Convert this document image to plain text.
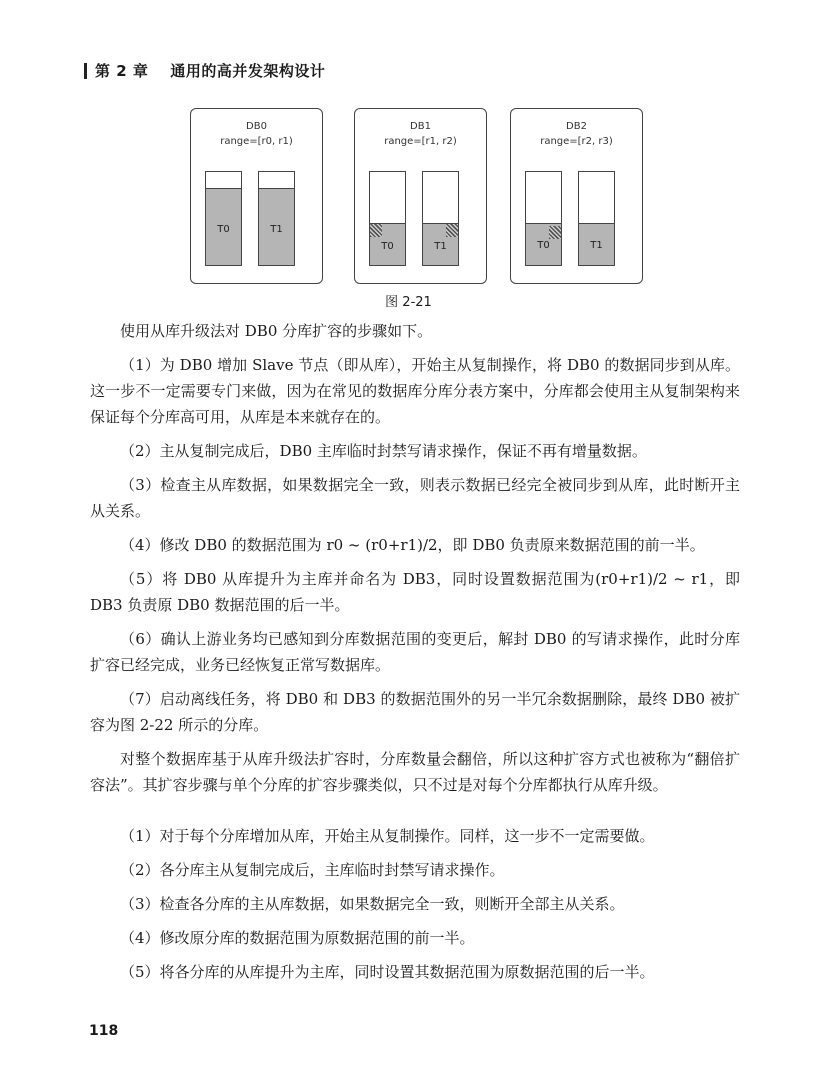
第 2 章 通用的高并发架构设计
DB0
range=[r0, r1)
T0	T1
DB1
range=[r1, r2)
T0	T1
DB2
range=[r2, r3)
T0	T1
图 2-21

使用从库升级法对 DB0 分库扩容的步骤如下。

（1）为 DB0 增加 Slave 节点（即从库），开始主从复制操作，将 DB0 的数据同步到从库。这一步不一定需要专门来做，因为在常见的数据库分库分表方案中，分库都会使用主从复制架构来保证每个分库高可用，从库是本来就存在的。

（2）主从复制完成后，DB0 主库临时封禁写请求操作，保证不再有增量数据。

（3）检查主从库数据，如果数据完全一致，则表示数据已经完全被同步到从库，此时断开主从关系。

（4）修改 DB0 的数据范围为 r0 ~ (r0+r1)/2，即 DB0 负责原来数据范围的前一半。

（5）将 DB0 从库提升为主库并命名为 DB3，同时设置数据范围为(r0+r1)/2 ~ r1，即 DB3 负责原 DB0 数据范围的后一半。

（6）确认上游业务均已感知到分库数据范围的变更后，解封 DB0 的写请求操作，此时分库扩容已经完成，业务已经恢复正常写数据库。

（7）启动离线任务，将 DB0 和 DB3 的数据范围外的另一半冗余数据删除，最终 DB0 被扩容为图 2-22 所示的分库。

对整个数据库基于从库升级法扩容时，分库数量会翻倍，所以这种扩容方式也被称为“翻倍扩容法”。其扩容步骤与单个分库的扩容步骤类似，只不过是对每个分库都执行从库升级。

（1）对于每个分库增加从库，开始主从复制操作。同样，这一步不一定需要做。

（2）各分库主从复制完成后，主库临时封禁写请求操作。

（3）检查各分库的主从库数据，如果数据完全一致，则断开全部主从关系。

（4）修改原分库的数据范围为原数据范围的前一半。

（5）将各分库的从库提升为主库，同时设置其数据范围为原数据范围的后一半。

118
